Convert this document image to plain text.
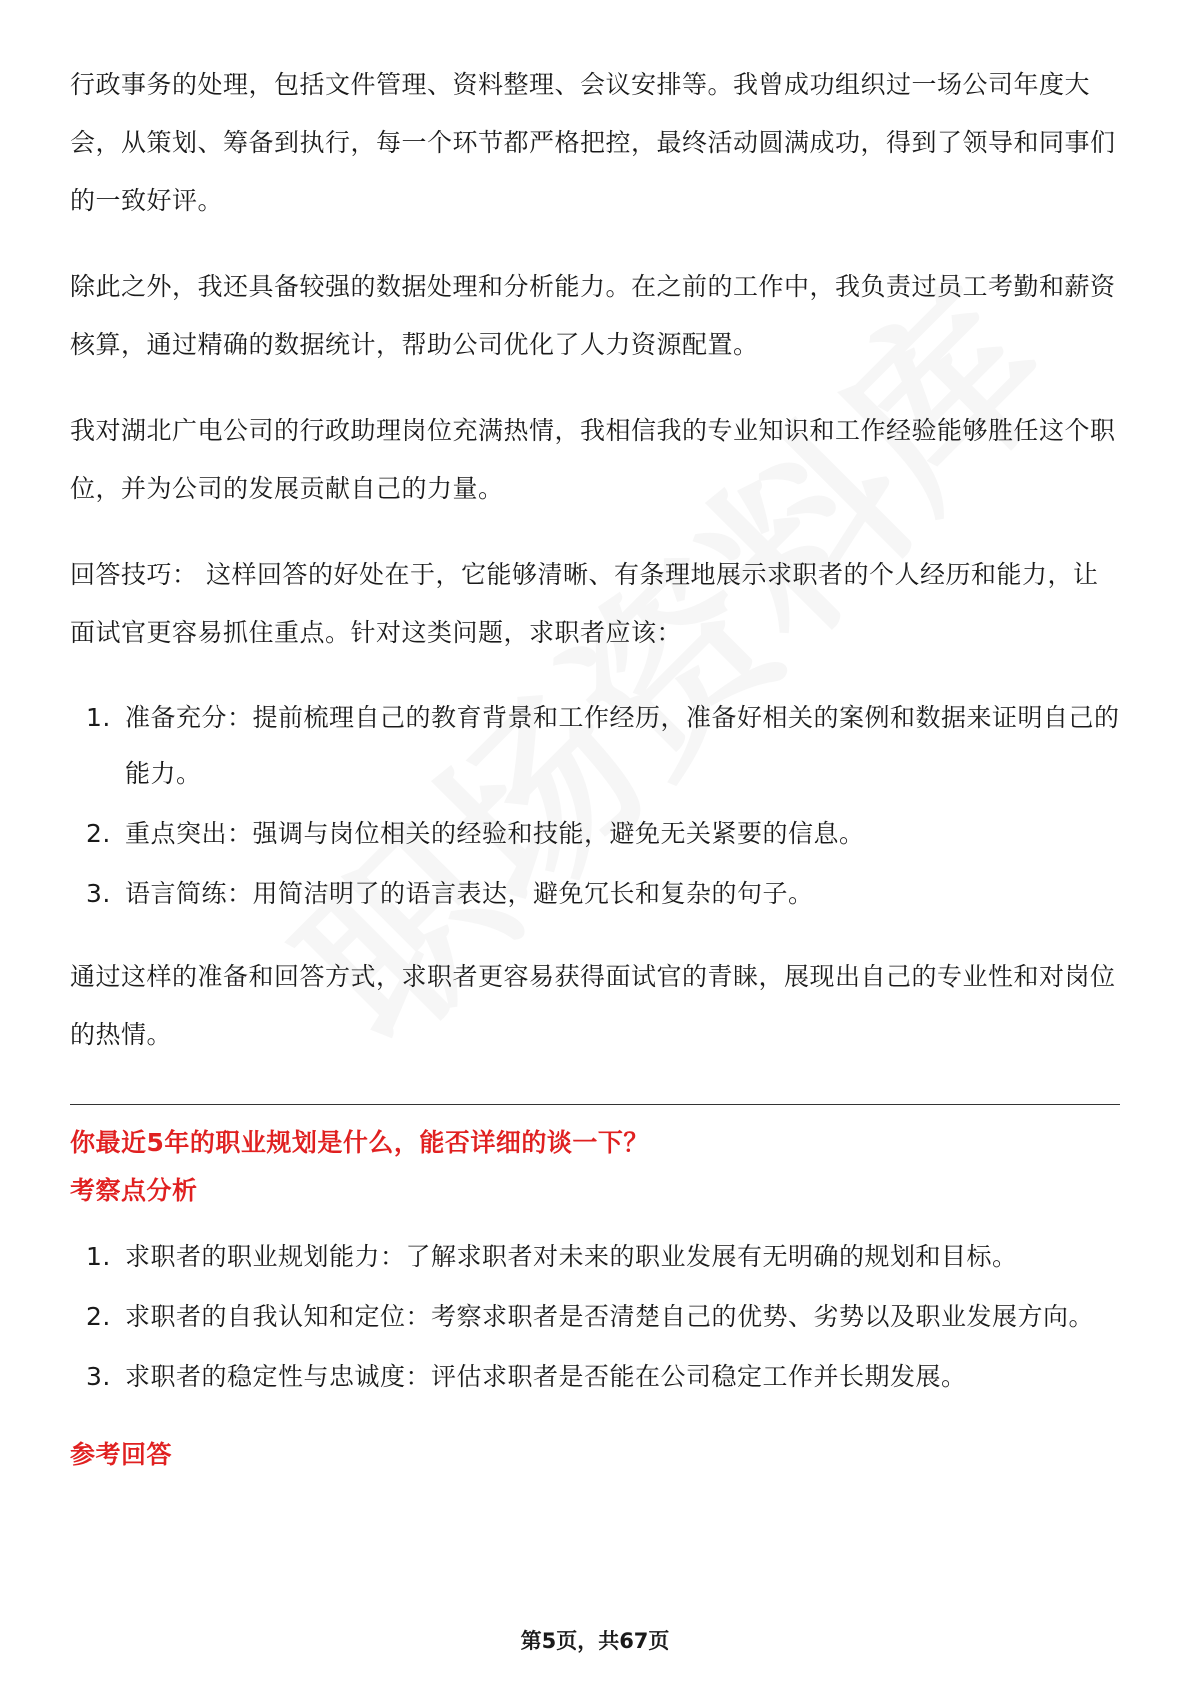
行政事务的处理，包括文件管理、资料整理、会议安排等。我曾成功组织过一场公司年度大会，从策划、筹备到执行，每一个环节都严格把控，最终活动圆满成功，得到了领导和同事们的一致好评。

除此之外，我还具备较强的数据处理和分析能力。在之前的工作中，我负责过员工考勤和薪资核算，通过精确的数据统计，帮助公司优化了人力资源配置。

我对湖北广电公司的行政助理岗位充满热情，我相信我的专业知识和工作经验能够胜任这个职位，并为公司的发展贡献自己的力量。

回答技巧： 这样回答的好处在于，它能够清晰、有条理地展示求职者的个人经历和能力，让面试官更容易抓住重点。针对这类问题，求职者应该：

1. 准备充分：提前梳理自己的教育背景和工作经历，准备好相关的案例和数据来证明自己的能力。
2. 重点突出：强调与岗位相关的经验和技能，避免无关紧要的信息。
3. 语言简练：用简洁明了的语言表达，避免冗长和复杂的句子。

通过这样的准备和回答方式，求职者更容易获得面试官的青睐，展现出自己的专业性和对岗位的热情。

你最近5年的职业规划是什么，能否详细的谈一下？
考察点分析
1. 求职者的职业规划能力：了解求职者对未来的职业发展有无明确的规划和目标。
2. 求职者的自我认知和定位：考察求职者是否清楚自己的优势、劣势以及职业发展方向。
3. 求职者的稳定性与忠诚度：评估求职者是否能在公司稳定工作并长期发展。
参考回答
第5页，共67页
